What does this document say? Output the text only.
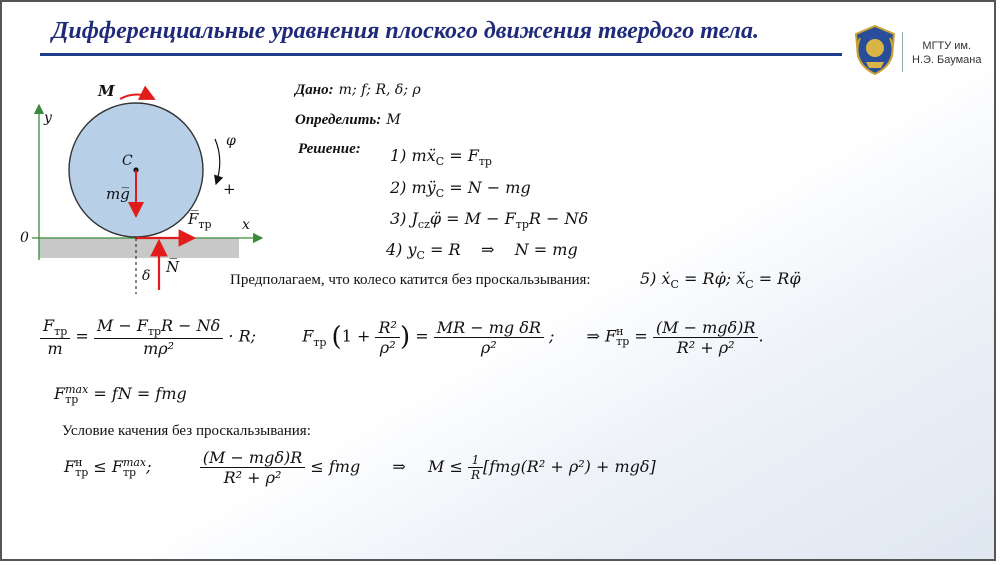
Дифференциальные уравнения плоского движения твердого тела.
МГТУ им.
Н.Э. Баумана
M
y
x
0
C
φ
+
mg̅
$F̅_{тр}$
N̅
δ
Дано: m; f; R, δ; ρ
Определить: M
Решение: 1) mẍ$_C$ = $F_{тр}$
2) $mÿ_C = N$ − mg
3) $J_{cz}\varphï = M - F_{тр}R - N\delta$
4) $y_C = R$    ⇒    N = mg
Предполагаем, что колесо катится без проскальзывания:	5) ẋ$_C$ = Rφ̇; ẍ$_C$ = Rφ̈
$\frac{F_{тр}}{m} = \frac{M - F_{тр}R - N\delta}{\text{mρ²}} \cdot R$;	$F_{тр}$ ($1 + \frac{\text{R²}}{\text{ρ²}}$ ) = $\frac{\text{MR − mg δR}}{\text{ρ²}}$ ; ⇒ F н
тр = $\frac{\text{(M − mgδ)R}}{\text{R² + ρ²}}$ .
F max
тр = fN = fmg
Условие качения без проскальзывания:
F н
тр ≤ F max
тр ;	$\frac{\text{(M − mgδ)R}}{\text{R² + ρ²}}$ ≤ fmg ⇒ $M \le \frac{1}{R} [fmg(R^2 + \rho^2) + mg\delta]$
